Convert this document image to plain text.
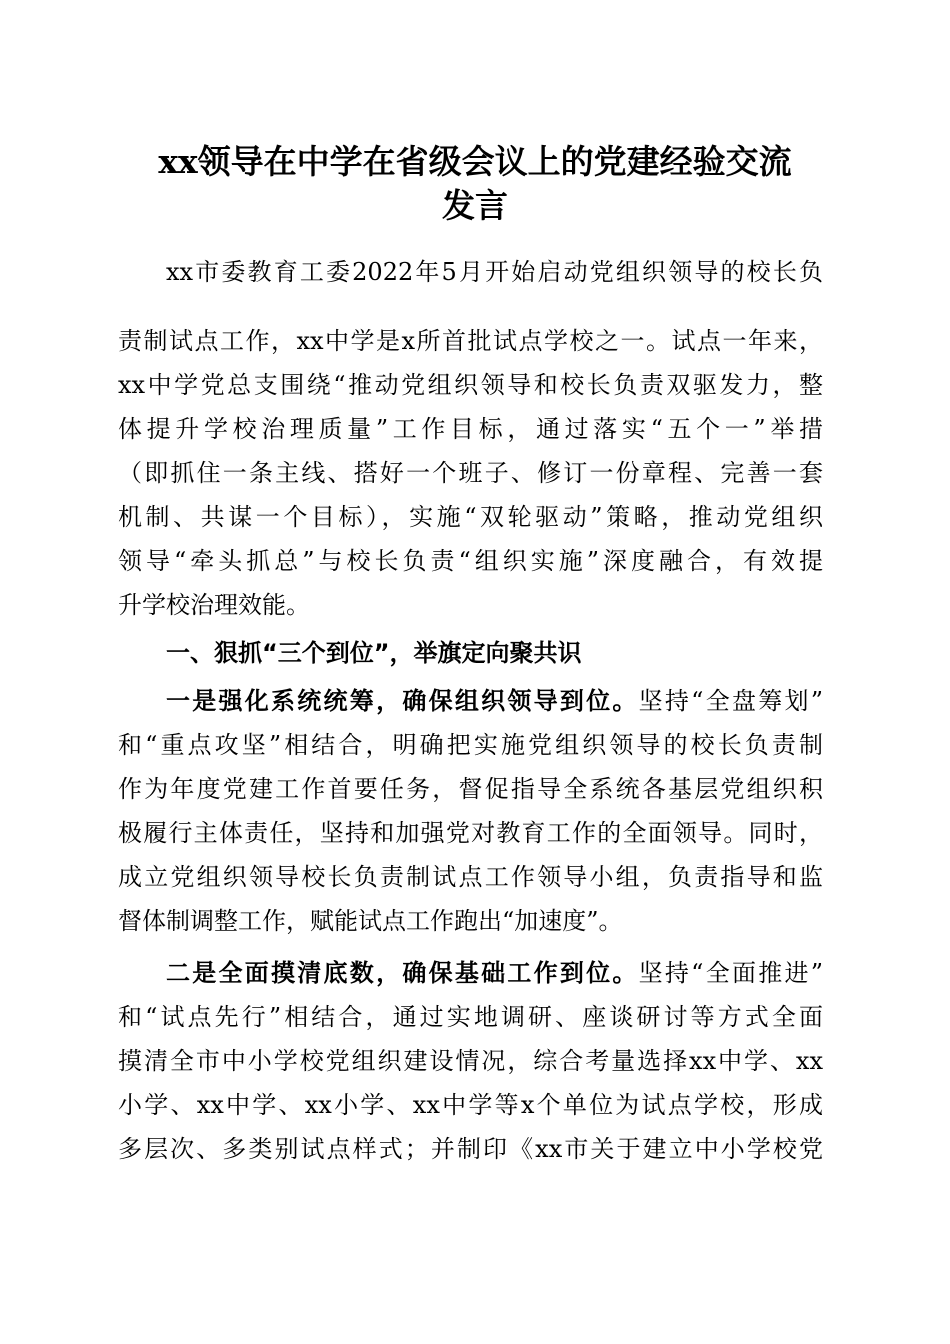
xx领导在中学在省级会议上的党建经验交流
发言
xx市委教育工委2022年5月开始启动党组织领导的校长负
责制试点工作，xx中学是x所首批试点学校之一。试点一年来，
xx中学党总支围绕“推动党组织领导和校长负责双驱发力，整
体提升学校治理质量”工作目标，通过落实“五个一”举措
（即抓住一条主线、搭好一个班子、修订一份章程、完善一套
机制、共谋一个目标），实施“双轮驱动”策略，推动党组织
领导“牵头抓总”与校长负责“组织实施”深度融合，有效提
升学校治理效能。
一、狠抓“三个到位”，举旗定向聚共识
一是强化系统统筹，确保组织领导到位。坚持“全盘筹划”
和“重点攻坚”相结合，明确把实施党组织领导的校长负责制
作为年度党建工作首要任务，督促指导全系统各基层党组织积
极履行主体责任，坚持和加强党对教育工作的全面领导。同时，
成立党组织领导校长负责制试点工作领导小组，负责指导和监
督体制调整工作，赋能试点工作跑出“加速度”。
二是全面摸清底数，确保基础工作到位。坚持“全面推进”
和“试点先行”相结合，通过实地调研、座谈研讨等方式全面
摸清全市中小学校党组织建设情况，综合考量选择xx中学、xx
小学、xx中学、xx小学、xx中学等x个单位为试点学校，形成
多层次、多类别试点样式；并制印《xx市关于建立中小学校党
